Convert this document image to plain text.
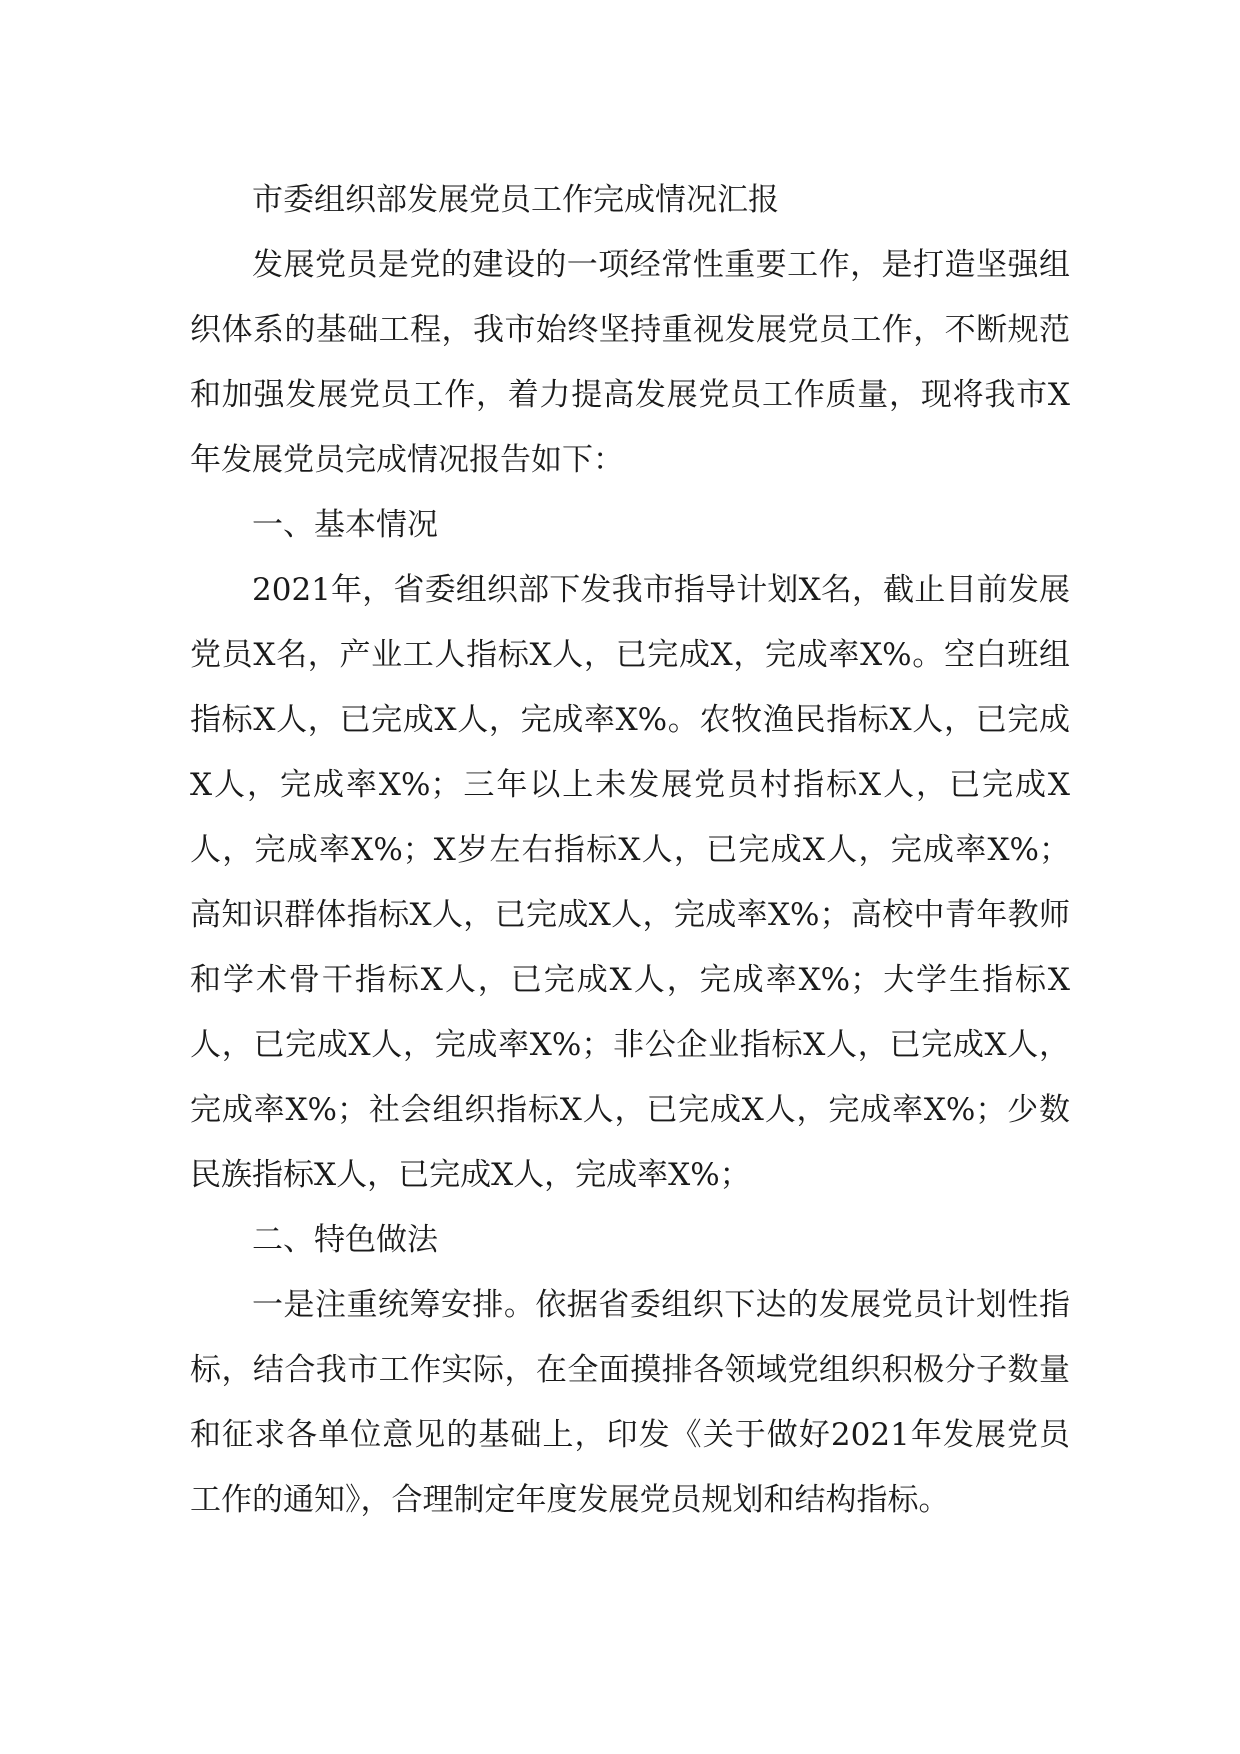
市委组织部发展党员工作完成情况汇报

发展党员是党的建设的一项经常性重要工作，是打造坚强组织体系的基础工程，我市始终坚持重视发展党员工作，不断规范和加强发展党员工作，着力提高发展党员工作质量，现将我市X年发展党员完成情况报告如下：

一、基本情况

2021年，省委组织部下发我市指导计划X名，截止目前发展党员X名，产业工人指标X人，已完成X，完成率X%。空白班组指标X人，已完成X人，完成率X%。农牧渔民指标X人，已完成X人，完成率X%；三年以上未发展党员村指标X人，已完成X人，完成率X%；X岁左右指标X人，已完成X人，完成率X%；高知识群体指标X人，已完成X人，完成率X%；高校中青年教师和学术骨干指标X人，已完成X人，完成率X%；大学生指标X人，已完成X人，完成率X%；非公企业指标X人，已完成X人，完成率X%；社会组织指标X人，已完成X人，完成率X%；少数民族指标X人，已完成X人，完成率X%；

二、特色做法

一是注重统筹安排。依据省委组织下达的发展党员计划性指标，结合我市工作实际，在全面摸排各领域党组织积极分子数量和征求各单位意见的基础上，印发《关于做好2021年发展党员工作的通知》，合理制定年度发展党员规划和结构指标。
